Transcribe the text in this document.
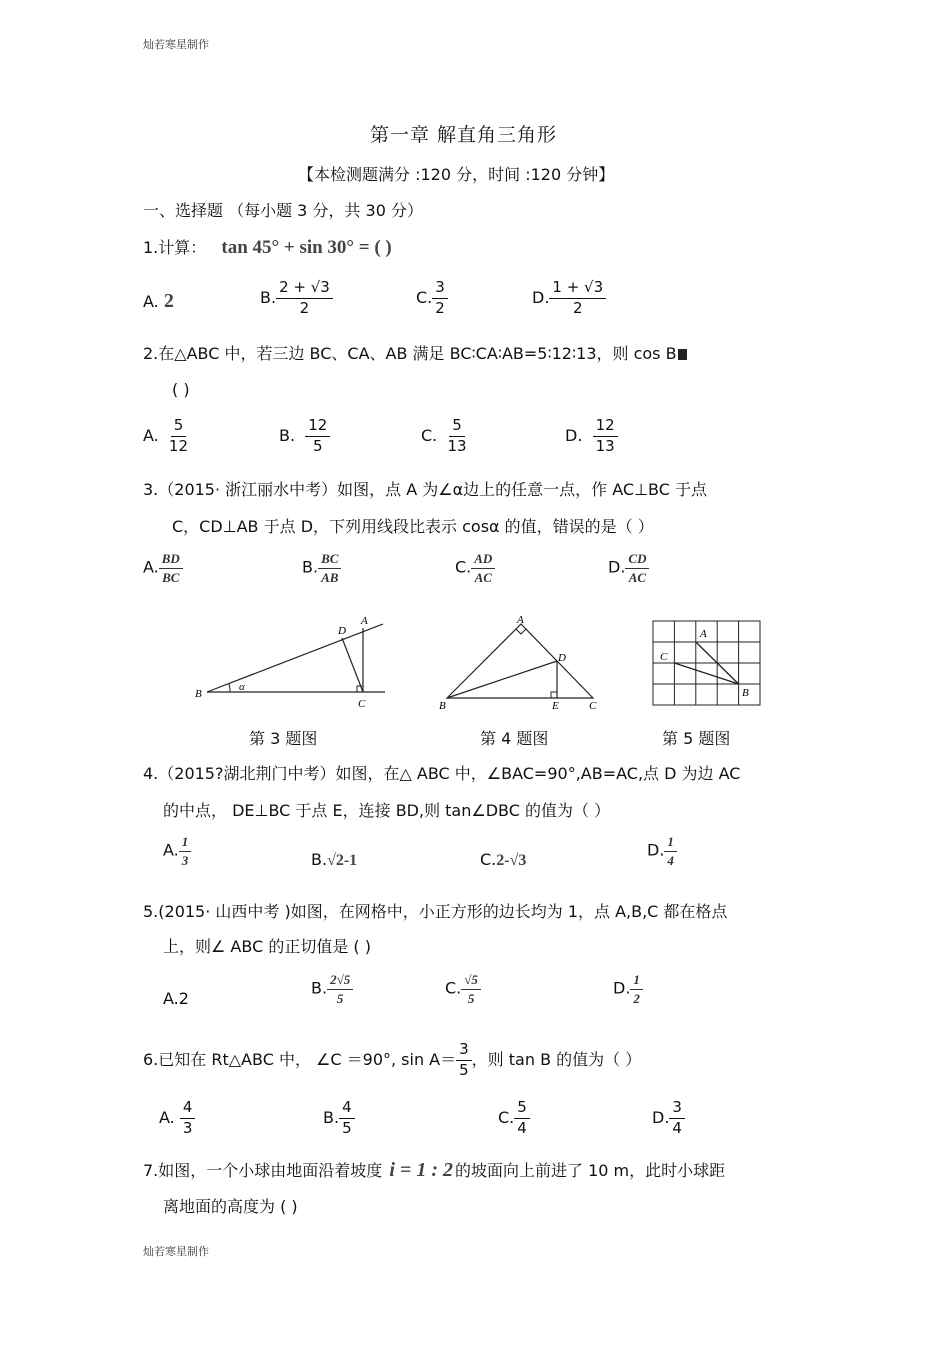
灿若寒星制作
第一章 解直角三角形
【本检测题满分 :120 分，时间 :120 分钟】
一、选择题 （每小题 3 分，共 30 分）
1.计算： tan 45° + sin 30° = ( )
A. 2	B. $\frac{2 + √3}{2}$	C. $\frac{3}{2}$	D. $\frac{1 + √3}{2}$
2.在△ABC 中，若三边 BC、CA、AB 满足 BC∶CA∶AB=5∶12∶13，则 cos B
( )
A. $\frac{5}{12}$	B. $\frac{12}{5}$	C. $\frac{5}{13}$	D. $\frac{12}{13}$
3.（2015· 浙江丽水中考）如图，点 A 为∠α边上的任意一点，作 AC⊥BC 于点
C，CD⊥AB 于点 D，下列用线段比表示 cosα 的值，错误的是（ ）
A. $\frac{BD}{BC}$	B. $\frac{BC}{AB}$	C. $\frac{AD}{AC}$	D. $\frac{CD}{AC}$
B
A
C
D
α
A
B	C
D
E
A
C
B
第 3 题图	第 4 题图	第 5 题图
4.（2015?湖北荆门中考）如图，在△ ABC 中，∠BAC=90°,AB=AC,点 D 为边 AC
的中点， DE⊥BC 于点 E，连接 BD,则 tan∠DBC 的值为（ ）
A. $\frac{1}{3}$	B.√2-1	C.2-√3
D. $\frac{1}{4}$
5.(2015· 山西中考 )如图，在网格中，小正方形的边长均为 1，点 A,B,C 都在格点
上，则∠ ABC 的正切值是 ( )
A.2
B. $\frac{2√5}{5}$	C. $\frac{√5}{5}$	D. $\frac{1}{2}$
6.已知在 Rt△ABC 中， ∠C ＝90°, $\sin A= \frac{3}{5}$ ，则 tan B 的值为（ ）
A. $\frac{4}{3}$	B. $\frac{4}{5}$	C. $\frac{5}{4}$	D. $\frac{3}{4}$
7.如图，一个小球由地面沿着坡度 i = 1 : 2 的坡面向上前进了 10 m，此时小球距
离地面的高度为 ( )
灿若寒星制作
